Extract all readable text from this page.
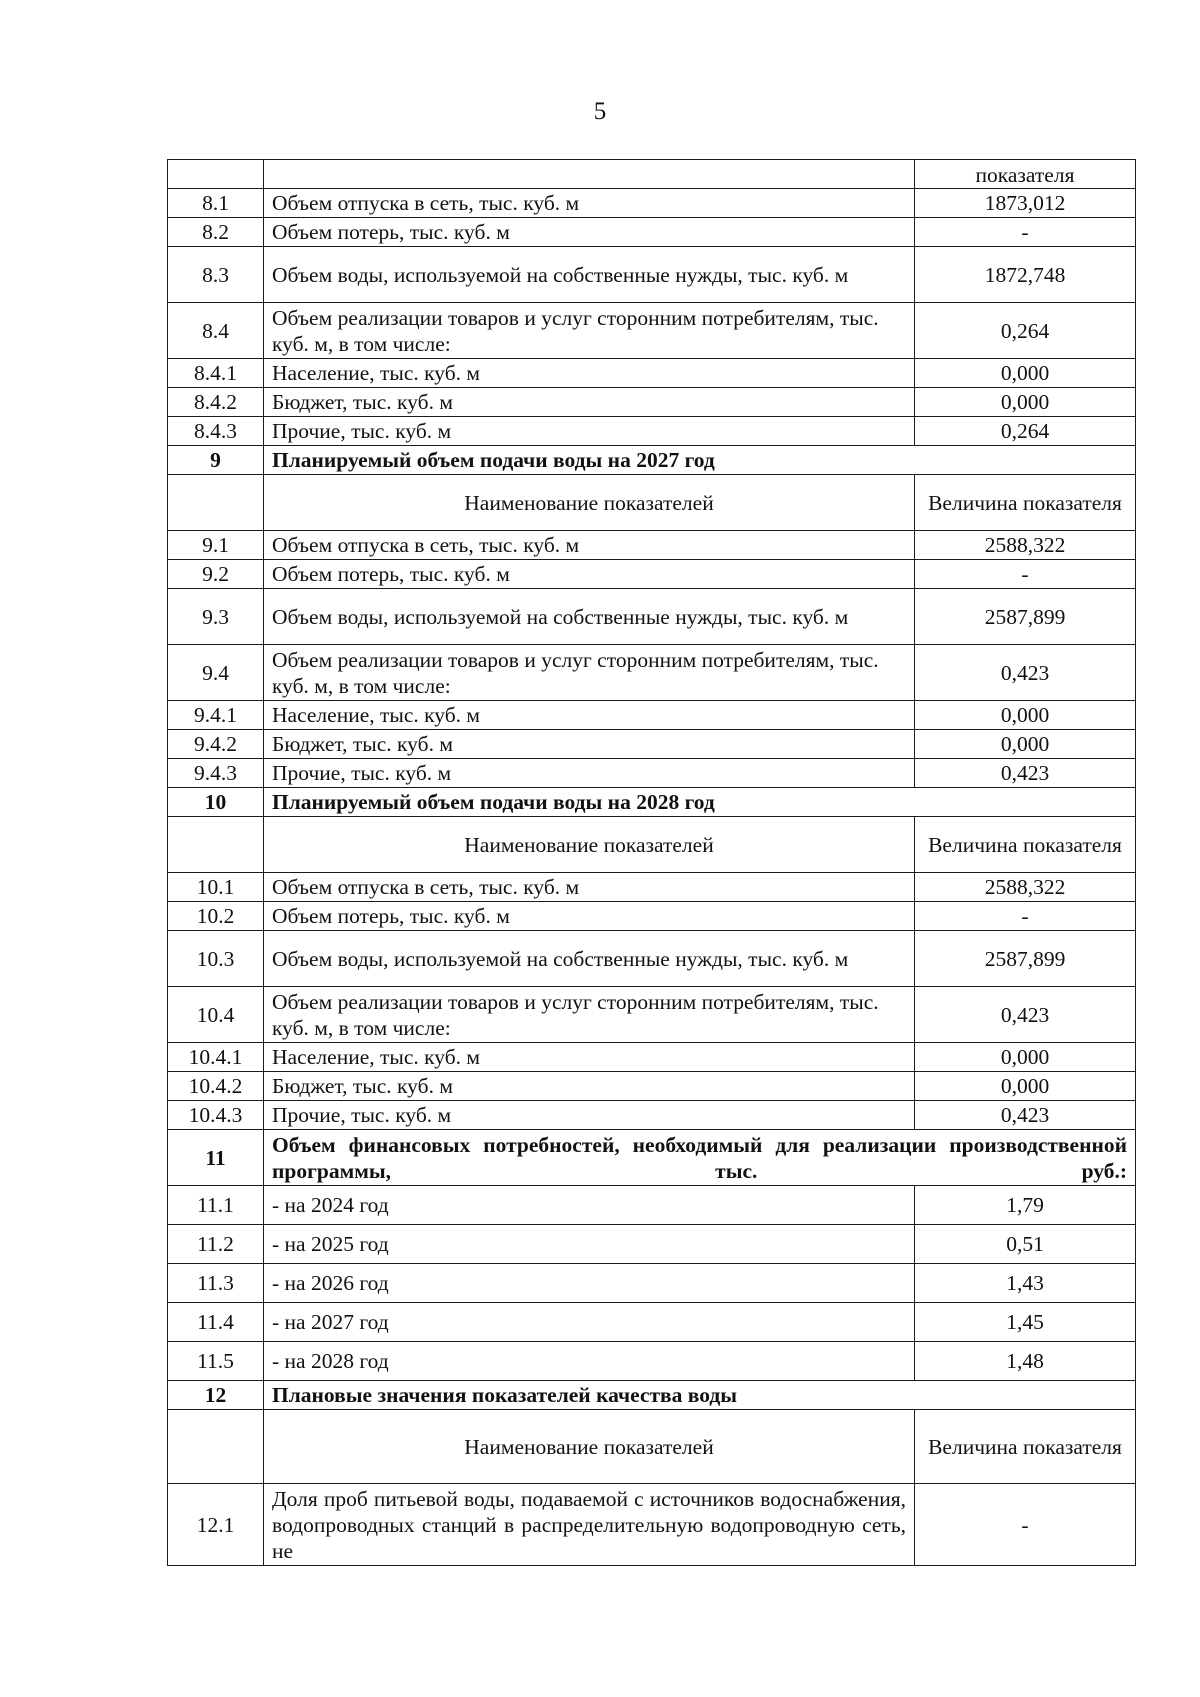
5
		показателя
8.1	Объем отпуска в сеть, тыс. куб. м	1873,012
8.2	Объем потерь, тыс. куб. м	-
8.3	Объем воды, используемой на собственные нужды, тыс. куб. м	1872,748
8.4	Объем реализации товаров и услуг сторонним потребителям, тыс. куб. м, в том числе:	0,264
8.4.1	Население, тыс. куб. м	0,000
8.4.2	Бюджет, тыс. куб. м	0,000
8.4.3	Прочие, тыс. куб. м	0,264
9	Планируемый объем подачи воды на 2027 год	
	Наименование показателей	Величина показателя
9.1	Объем отпуска в сеть, тыс. куб. м	2588,322
9.2	Объем потерь, тыс. куб. м	-
9.3	Объем воды, используемой на собственные нужды, тыс. куб. м	2587,899
9.4	Объем реализации товаров и услуг сторонним потребителям, тыс. куб. м, в том числе:	0,423
9.4.1	Население, тыс. куб. м	0,000
9.4.2	Бюджет, тыс. куб. м	0,000
9.4.3	Прочие, тыс. куб. м	0,423
10	Планируемый объем подачи воды на 2028 год	
	Наименование показателей	Величина показателя
10.1	Объем отпуска в сеть, тыс. куб. м	2588,322
10.2	Объем потерь, тыс. куб. м	-
10.3	Объем воды, используемой на собственные нужды, тыс. куб. м	2587,899
10.4	Объем реализации товаров и услуг сторонним потребителям, тыс. куб. м, в том числе:	0,423
10.4.1	Население, тыс. куб. м	0,000
10.4.2	Бюджет, тыс. куб. м	0,000
10.4.3	Прочие, тыс. куб. м	0,423
11	Объем финансовых потребностей, необходимый для реализации производственной программы, тыс. руб.:	
11.1	- на 2024 год	1,79
11.2	- на 2025 год	0,51
11.3	- на 2026 год	1,43
11.4	- на 2027 год	1,45
11.5	- на 2028 год	1,48
12	Плановые значения показателей качества воды	
	Наименование показателей	Величина показателя
12.1	Доля проб питьевой воды, подаваемой с источников водоснабжения, водопроводных станций в распределительную водопроводную сеть, не	-
